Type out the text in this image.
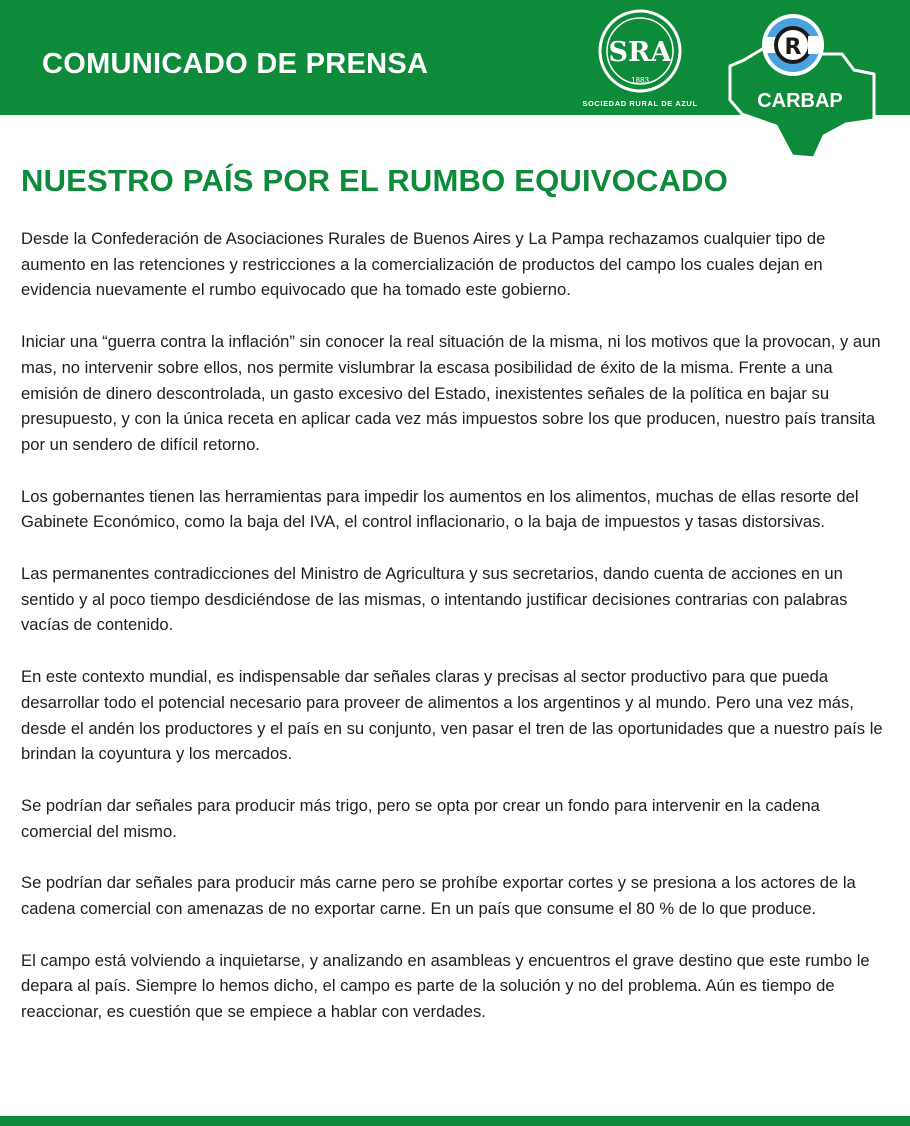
COMUNICADO DE PRENSA	SRA
1883
SOCIEDAD RURAL DE AZUL
R
CARBAP
NUESTRO PAÍS POR EL RUMBO EQUIVOCADO

Desde la Confederación de Asociaciones Rurales de Buenos Aires y La Pampa rechazamos cualquier tipo de aumento en las retenciones y restricciones a la comercialización de productos del campo los cuales dejan en evidencia nuevamente el rumbo equivocado que ha tomado este gobierno.

Iniciar una “guerra contra la inflación” sin conocer la real situación de la misma, ni los motivos que la provocan, y aun mas, no intervenir sobre ellos, nos permite vislumbrar la escasa posibilidad de éxito de la misma. Frente a una emisión de dinero descontrolada, un gasto excesivo del Estado, inexistentes señales de la política en bajar su presupuesto, y con la única receta en aplicar cada vez más impuestos sobre los que producen, nuestro país transita por un sendero de difícil retorno.

Los gobernantes tienen las herramientas para impedir los aumentos en los alimentos, muchas de ellas resorte del Gabinete Económico, como la baja del IVA, el control inflacionario, o la baja de impuestos y tasas distorsivas.

Las permanentes contradicciones del Ministro de Agricultura y sus secretarios, dando cuenta de acciones en un sentido y al poco tiempo desdiciéndose de las mismas, o intentando justificar decisiones contrarias con palabras vacías de contenido.

En este contexto mundial, es indispensable dar señales claras y precisas al sector productivo para que pueda desarrollar todo el potencial necesario para proveer de alimentos a los argentinos y al mundo. Pero una vez más, desde el andén los productores y el país en su conjunto, ven pasar el tren de las oportunidades que a nuestro país le brindan la coyuntura y los mercados.

Se podrían dar señales para producir más trigo, pero se opta por crear un fondo para intervenir en la cadena comercial del mismo.

Se podrían dar señales para producir más carne pero se prohíbe exportar cortes y se presiona a los actores de la cadena comercial con amenazas de no exportar carne. En un país que consume el 80 % de lo que produce.

El campo está volviendo a inquietarse, y analizando en asambleas y encuentros el grave destino que este rumbo le depara al país. Siempre lo hemos dicho, el campo es parte de la solución y no del problema. Aún es tiempo de reaccionar, es cuestión que se empiece a hablar con verdades.
